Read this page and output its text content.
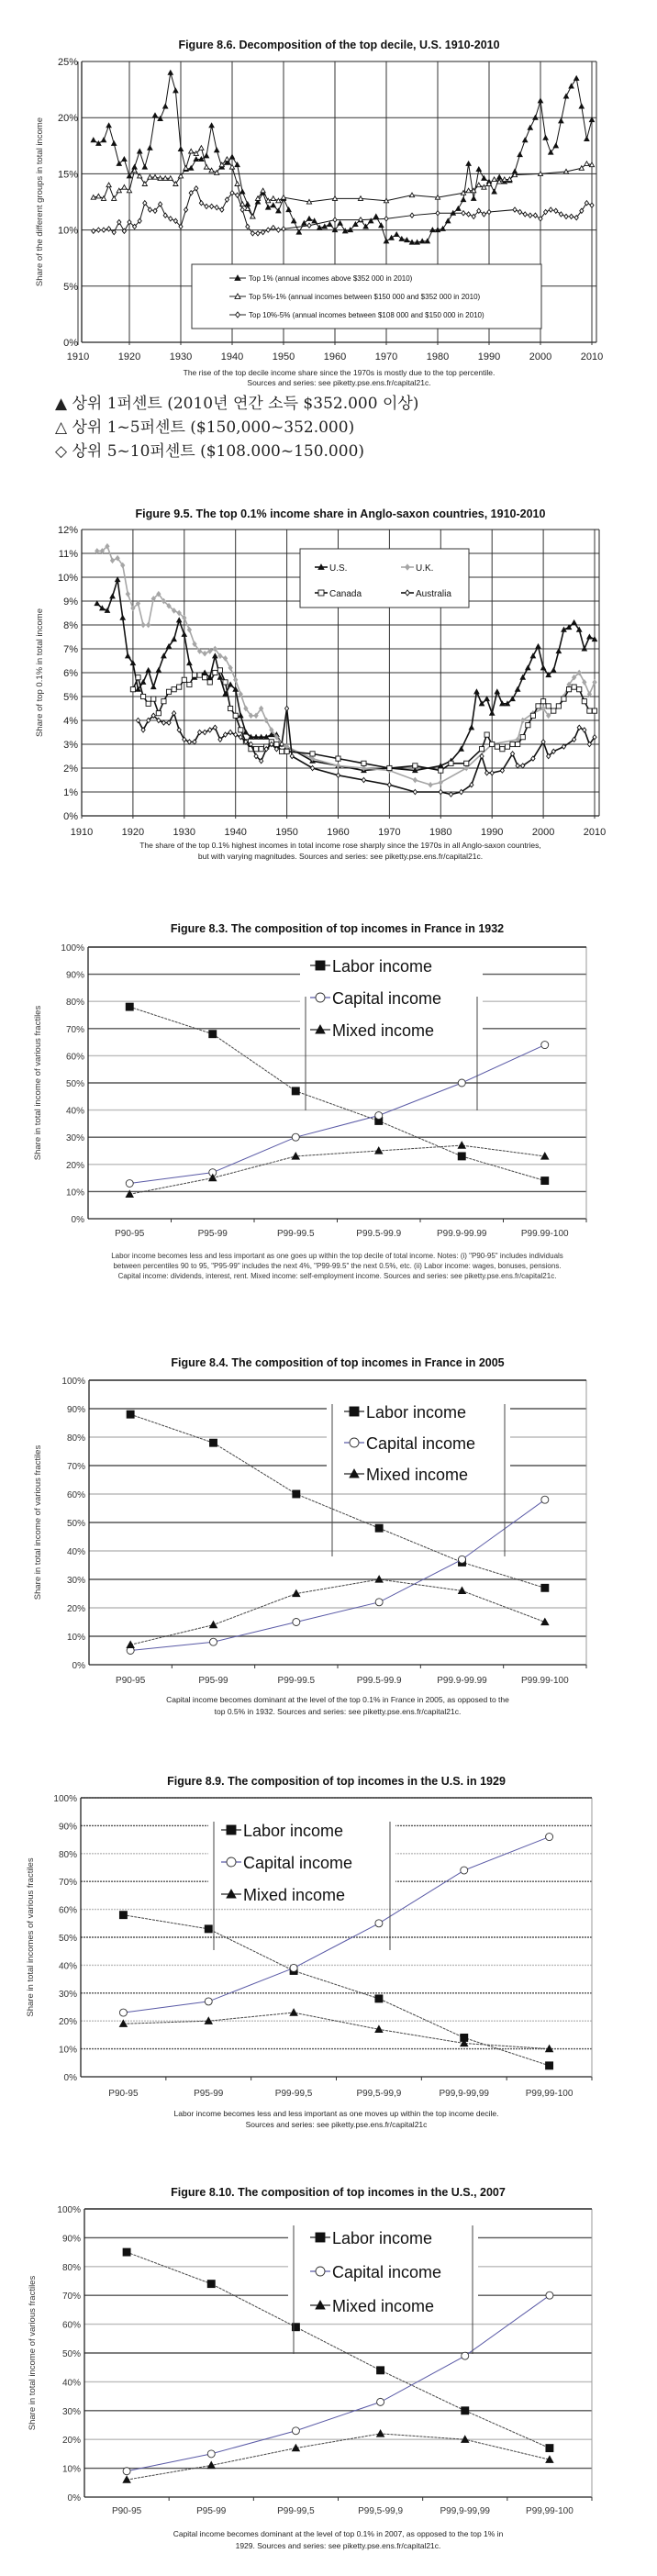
Figure 8.6. Decomposition of the top decile, U.S. 1910-2010
Share of the different groups in total income
0%
5%
10%
15%
20%
25%
1910	1920	1930	1940	1950	1960	1970	1980	1990	2000	2010
The rise of the top decile income share since the 1970s is mostly due to the top percentile.
Sources and series: see piketty.pse.ens.fr/capital21c.
Top 1% (annual incomes above $352 000 in 2010)
Top 5%-1% (annual incomes between $150 000 and $352 000 in 2010)
Top 10%-5% (annual incomes between $108 000 and $150 000 in 2010)
Figure 9.5. The top 0.1% income share in Anglo-saxon countries, 1910-2010
Share of top 0.1% in total income
0%
1%
2%
3%
4%
5%
6%
7%
8%
9%
10%
11%
12%
1910	1920	1930	1940	1950	1960	1970	1980	1990	2000	2010
The share of the top 0.1% highest incomes in total income rose sharply since the 1970s in all Anglo-saxon countries,
but with varying magnitudes. Sources and series: see piketty.pse.ens.fr/capital21c.
U.S.	U.K.
Canada	Australia
Figure 8.3. The composition of top incomes in France in 1932
Share in total income of various fractiles
0%
10%
20%
30%
40%
50%
60%
70%
80%
90%
100%
P90-95	P95-99	P99-99.5	P99.5-99.9	P99.9-99.99	P99.99-100
Labor income becomes less and less important as one goes up within the top decile of total income. Notes: (i) "P90-95" includes individuals
between percentiles 90 to 95, "P95-99" includes the next 4%, "P99-99.5" the next 0.5%, etc. (ii) Labor income: wages, bonuses, pensions.
Capital income: dividends, interest, rent. Mixed income: self-employment income. Sources and series: see piketty.pse.ens.fr/capital21c.
Labor income
Capital income
Mixed income
Figure 8.4. The composition of top incomes in France in 2005
Share in total income of various fractiles
0%
10%
20%
30%
40%
50%
60%
70%
80%
90%
100%
P90-95	P95-99	P99-99.5	P99.5-99.9	P99.9-99.99	P99.99-100
Capital income becomes dominant at the level of the top 0.1% in France in 2005, as opposed to the
top 0.5% in 1932. Sources and series: see piketty.pse.ens.fr/capital21c.
Labor income
Capital income
Mixed income
Figure 8.9. The composition of top incomes in the U.S. in 1929
Share in total incomes of various fractiles
0%
10%
20%
30%
40%
50%
60%
70%
80%
90%
100%
P90-95	P95-99	P99-99,5	P99,5-99,9	P99,9-99,99	P99,99-100
Labor income becomes less and less important as one moves up within the top income decile.
Sources and series: see piketty.pse.ens.fr/capital21c
Labor income
Capital income
Mixed income
Figure 8.10. The composition of top incomes in the U.S., 2007
Share in total income of various fractiles
0%
10%
20%
30%
40%
50%
60%
70%
80%
90%
100%
P90-95	P95-99	P99-99,5	P99,5-99,9	P99,9-99,99	P99,99-100
Capital income becomes dominant at the level of top 0.1% in 2007, as opposed to the top 1% in
1929. Sources and series: see piketty.pse.ens.fr/capital21c.
Labor income
Capital income
Mixed income
▲ 상위 1퍼센트 (2010년 연간 소득 $352.000 이상)
△ 상위 1~5퍼센트 ($150,000~352.000)
◇ 상위 5~10퍼센트 ($108.000~150.000)
